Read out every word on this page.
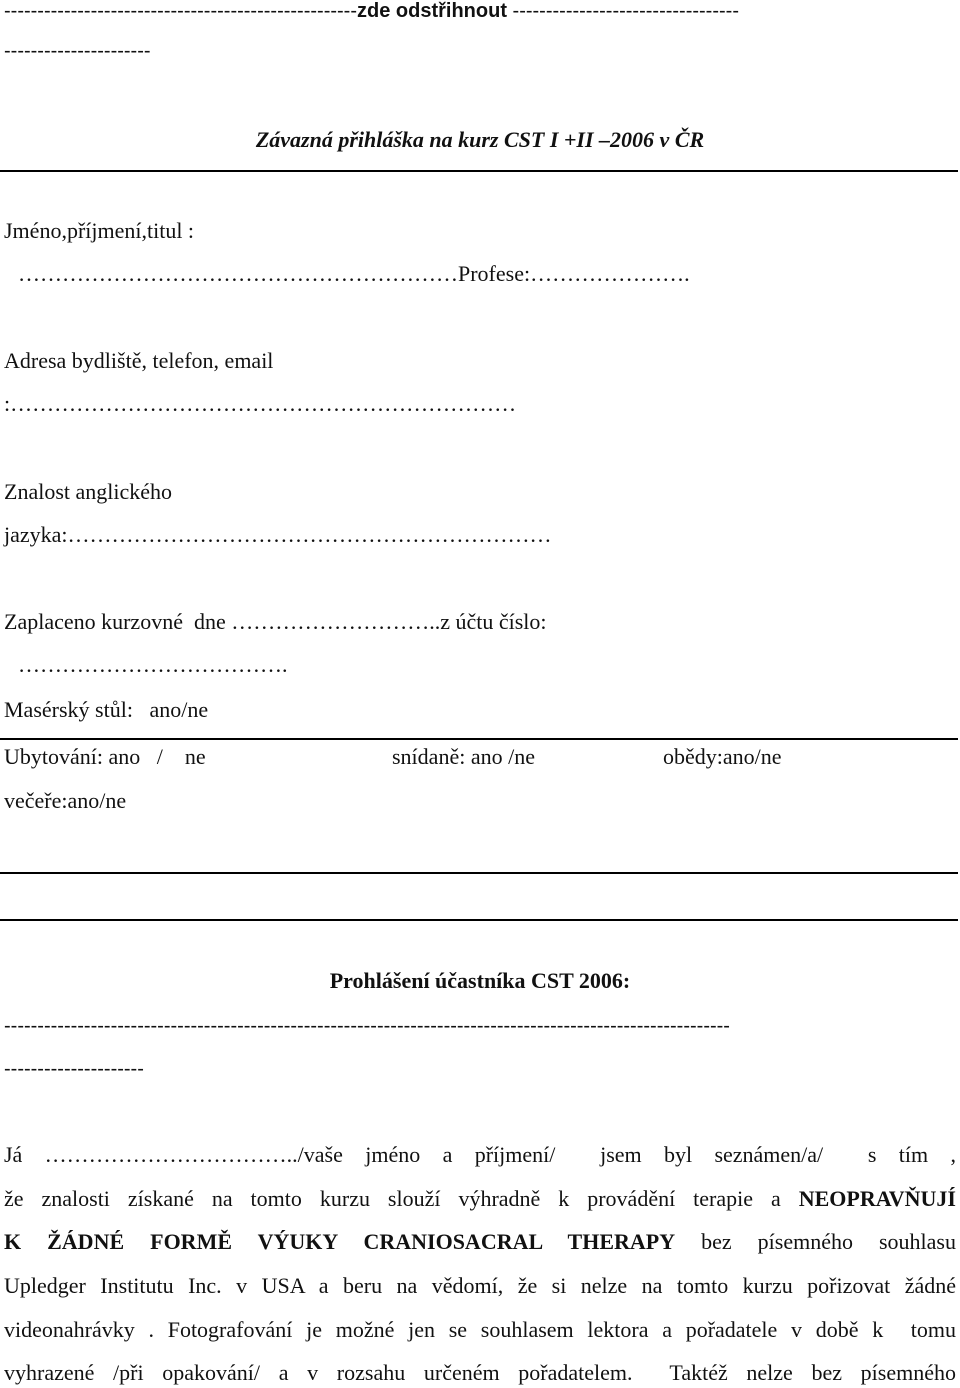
-----------------------------------------------------zde odstřihnout ----------------------------------
----------------------
Závazná přihláška na kurz CST I +II –2006 v ČR
Jméno,příjmení,titul :
……………………………………………………Profese:………………….
Adresa bydliště, telefon, email
:……………………………………………………………
Znalost anglického
jazyka:…………………………………………………………
Zaplaceno kurzovné  dne ………………………..z účtu číslo:
……………………………….
Masérský stůl:   ano/ne
Ubytování: ano   /    ne	snídaně: ano /ne	obědy:ano/ne
večeře:ano/ne
Prohlášení účastníka CST 2006:
-------------------------------------------------------------------------------------------------------------
---------------------
Já ……………………………../vaše jméno a příjmení/  jsem byl seznámen/a/  s tím ,
že znalosti získané na tomto kurzu slouží výhradně k provádění terapie a NEOPRAVŇUJÍ
K ŽÁDNÉ FORMĚ VÝUKY CRANIOSACRAL THERAPY bez písemného souhlasu
Upledger Institutu Inc. v USA a beru na vědomí, že si nelze na tomto kurzu pořizovat žádné
videonahrávky . Fotografování je možné jen se souhlasem lektora a pořadatele v době k  tomu
vyhrazené /při opakování/ a v rozsahu určeném pořadatelem.  Taktéž nelze bez písemného
